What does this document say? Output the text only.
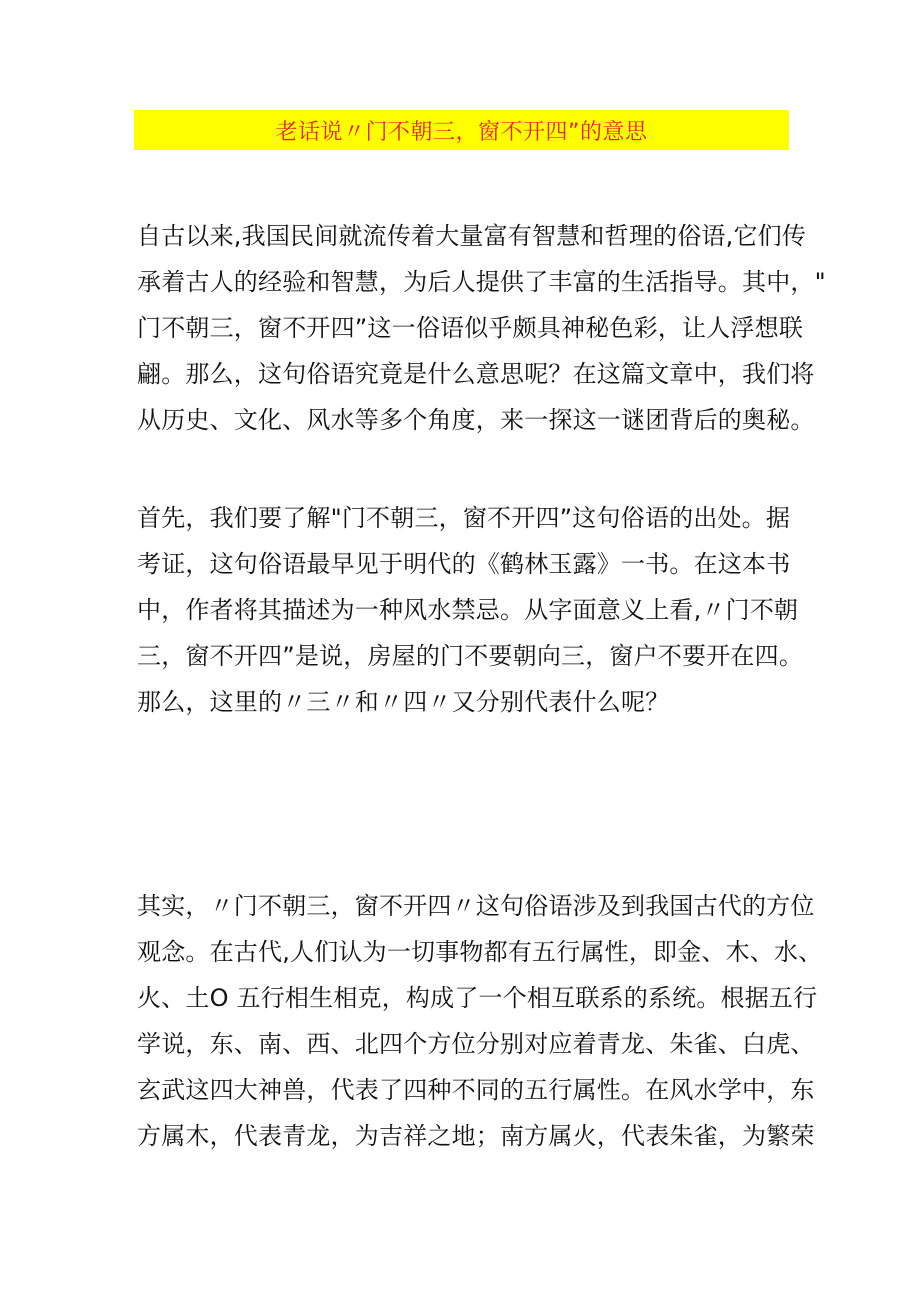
老话说〃门不朝三，窗不开四”的意思
自古以来,我国民间就流传着大量富有智慧和哲理的俗语,它们传
承着古人的经验和智慧，为后人提供了丰富的生活指导。其中，"
门不朝三，窗不开四”这一俗语似乎颇具神秘色彩，让人浮想联
翩。那么，这句俗语究竟是什么意思呢？在这篇文章中，我们将
从历史、文化、风水等多个角度，来一探这一谜团背后的奥秘。
首先，我们要了解"门不朝三，窗不开四”这句俗语的出处。据
考证，这句俗语最早见于明代的《鹤林玉露》一书。在这本书
中，作者将其描述为一种风水禁忌。从字面意义上看,〃门不朝
三，窗不开四”是说，房屋的门不要朝向三，窗户不要开在四。
那么，这里的〃三〃和〃四〃又分别代表什么呢？
其实，〃门不朝三，窗不开四〃这句俗语涉及到我国古代的方位
观念。在古代,人们认为一切事物都有五行属性，即金、木、水、
火、土O 五行相生相克，构成了一个相互联系的系统。根据五行
学说，东、南、西、北四个方位分别对应着青龙、朱雀、白虎、
玄武这四大神兽，代表了四种不同的五行属性。在风水学中，东
方属木，代表青龙，为吉祥之地；南方属火，代表朱雀，为繁荣
